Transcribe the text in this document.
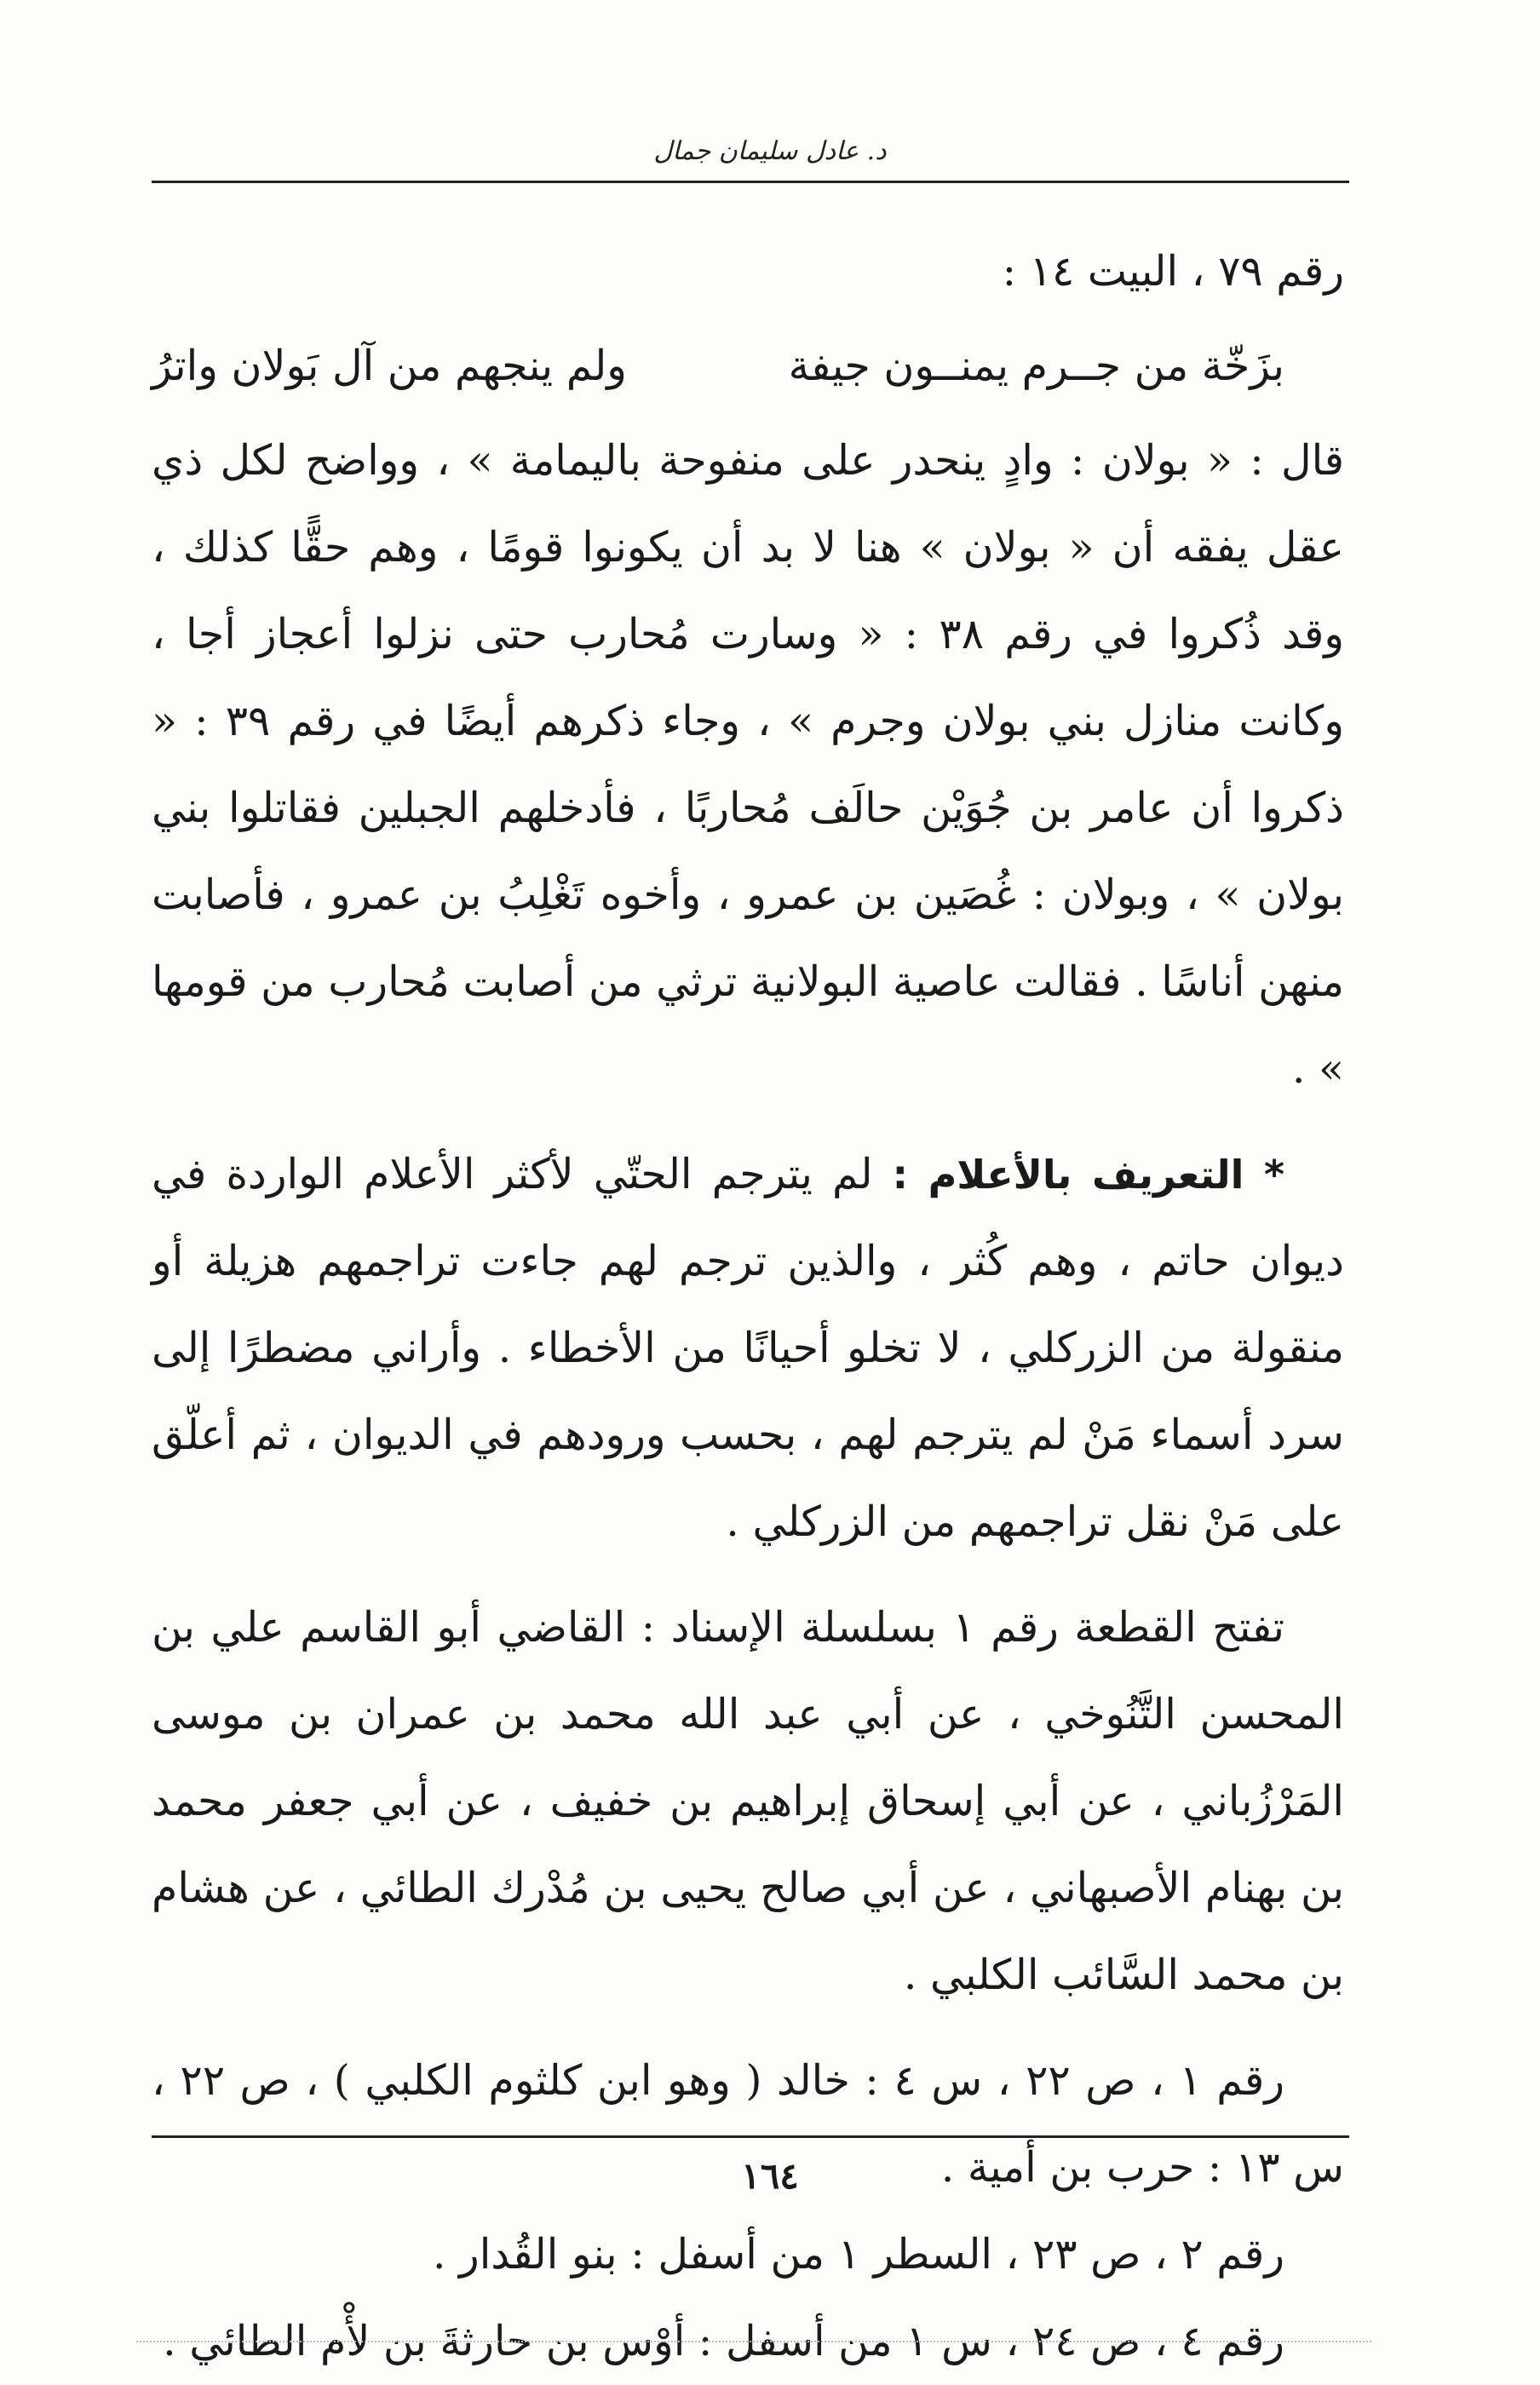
د. عادل سليمان جمال

رقم ٧٩ ، البيت ١٤ :

بزَخّة من جــرم يمنــون جيفة
ولم ينجهم من آل بَولان واترُ

قال : « بولان : وادٍ ينحدر على منفوحة باليمامة » ، وواضح لكل ذي عقل يفقه أن « بولان » هنا لا بد أن يكونوا قومًا ، وهم حقًّا كذلك ، وقد ذُكروا في رقم ٣٨ : « وسارت مُحارب حتى نزلوا أعجاز أجا ، وكانت منازل بني بولان وجرم » ، وجاء ذكرهم أيضًا في رقم ٣٩ : « ذكروا أن عامر بن جُوَيْن حالَف مُحاربًا ، فأدخلهم الجبلين فقاتلوا بني بولان » ، وبولان : غُصَين بن عمرو ، وأخوه تَغْلِبُ بن عمرو ، فأصابت منهن أناسًا . فقالت عاصية البولانية ترثي من أصابت مُحارب من قومها » .

* التعريف بالأعلام : لم يترجم الحتّي لأكثر الأعلام الواردة في ديوان حاتم ، وهم كُثر ، والذين ترجم لهم جاءت تراجمهم هزيلة أو منقولة من الزركلي ، لا تخلو أحيانًا من الأخطاء . وأراني مضطرًا إلى سرد أسماء مَنْ لم يترجم لهم ، بحسب ورودهم في الديوان ، ثم أعلّق على مَنْ نقل تراجمهم من الزركلي .

تفتح القطعة رقم ١ بسلسلة الإسناد : القاضي أبو القاسم علي بن المحسن التَّنُوخي ، عن أبي عبد الله محمد بن عمران بن موسى المَرْزُباني ، عن أبي إسحاق إبراهيم بن خفيف ، عن أبي جعفر محمد بن بهنام الأصبهاني ، عن أبي صالح يحيى بن مُدْرك الطائي ، عن هشام بن محمد السَّائب الكلبي .

رقم ١ ، ص ٢٢ ، س ٤ : خالد ( وهو ابن كلثوم الكلبي ) ، ص ٢٢ ، س ١٣ : حرب بن أمية .

رقم ٢ ، ص ٢٣ ، السطر ١ من أسفل : بنو القُدار .

رقم ٤ ، ص ٢٤ ، س ١ من أسفل : أوْس بن حارثةَ بن لأْم الطائي .

١٦٤
